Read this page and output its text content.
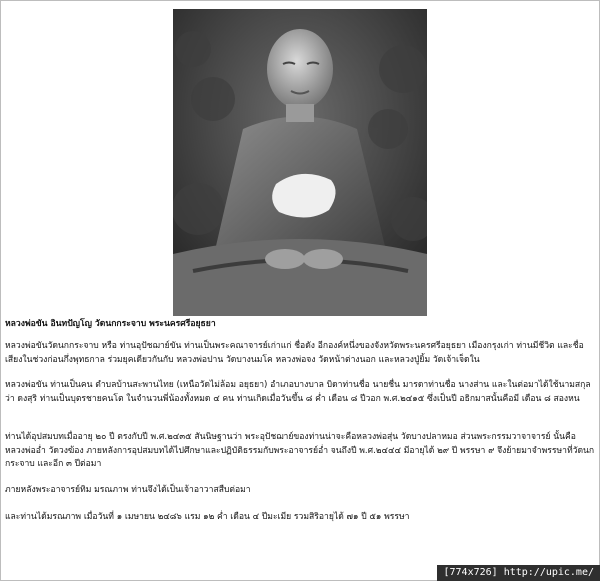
หลวงพ่อขัน อินทปัญโญ วัดนกกระจาบ พระนครศรีอยุธยา
หลวงพ่อขันวัดนกกระจาบ หรือ ท่านอุปัชฌาย์ขัน ท่านเป็นพระคณาจารย์เก่าแก่ ชื่อดัง อีกองค์หนึ่งของจังหวัดพระนครศรีอยุธยา เมืองกรุงเก่า ท่านมีชีวิต และชื่อเสียงในช่วงก่อนกึ่งพุทธกาล ร่วมยุคเดียวกันกับ หลวงพ่อปาน วัดบางนมโค หลวงพ่อจง วัดหน้าต่างนอก และหลวงปู่ยิ้ม วัดเจ้าเจ็ดใน
หลวงพ่อขัน ท่านเป็นคน ตำบลบ้านสะพานไทย (เหนือวัดไม่ล้อม อยุธยา) อำเภอบางบาล บิดาท่านชื่อ นายชื่น มารดาท่านชื่อ นางส่าน และในต่อมาได้ใช้นามสกุลว่า ดงสุริ ท่านเป็นบุตรชายคนโต ในจำนวนพี่น้องทั้งหมด ๔ คน ท่านเกิดเมื่อวันขึ้น ๘ ค่ำ เดือน ๘ ปีวอก พ.ศ.๒๔๑๕ ซึ่งเป็นปี อธิกมาสนั้นคือมี เดือน ๘ สองหน
ท่านได้อุปสมบทเมื่ออายุ ๒๐ ปี ตรงกับปี พ.ศ.๒๔๓๕ สันนิษฐานว่า พระอุปัชฌาย์ของท่านน่าจะคือหลวงพ่อสุ่น วัดบางปลาหมอ ส่วนพระกรรมวาจาจารย์ นั้นคือ หลวงพ่ออ่ำ วัดวงฆ้อง ภายหลังการอุปสมบทได้ไปศึกษาและปฏิบัติธรรมกับพระอาจารย์อ่ำ จนถึงปี พ.ศ.๒๔๔๔ มีอายุได้ ๒๙ ปี พรรษา ๙ จึงย้ายมาจำพรรษาที่วัดนกกระจาบ และอีก ๓ ปีต่อมา
ภายหลังพระอาจารย์ทิม มรณภาพ ท่านจึงได้เป็นเจ้าอาวาสสืบต่อมา
และท่านได้มรณภาพ เมื่อวันที่ ๑ เมษายน ๒๔๘๖ แรม ๑๒ ค่ำ เดือน ๔ ปีมะเมีย รวมสิริอายุได้ ๗๑ ปี ๕๑ พรรษา
[774x726] http://upic.me/
